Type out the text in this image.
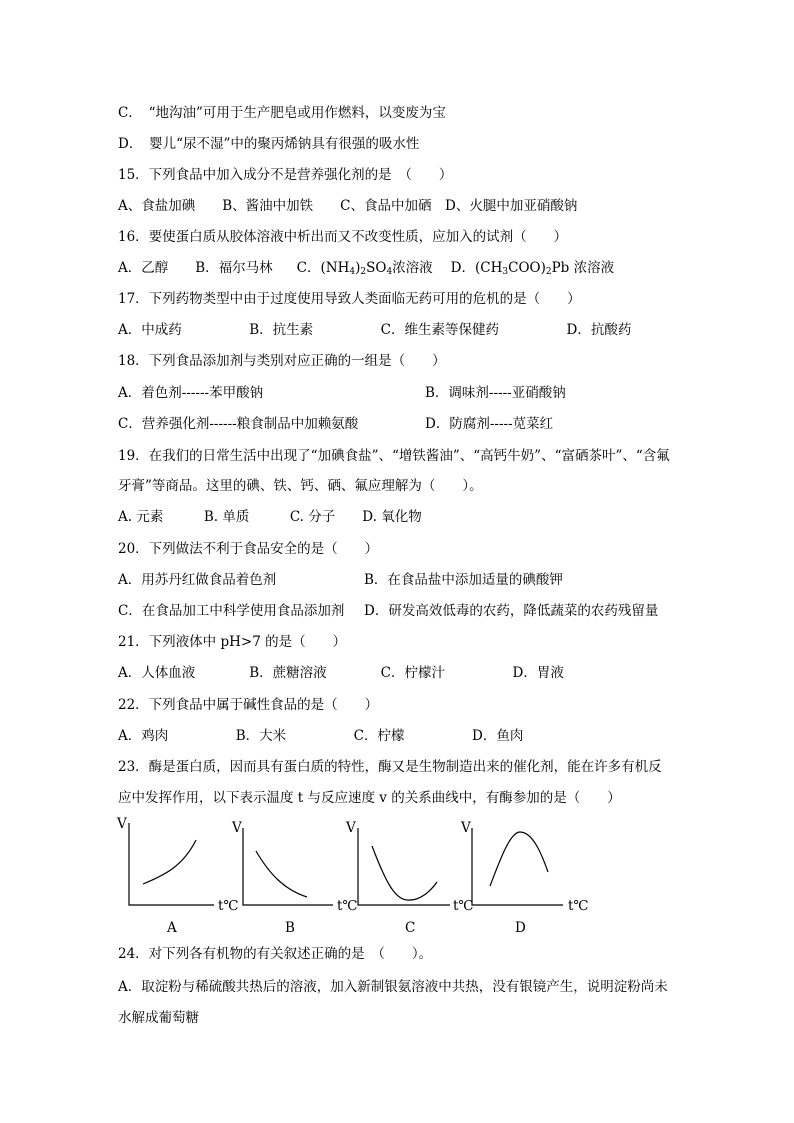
C．　“地沟油”可用于生产肥皂或用作燃料，以变废为宝
D．　婴儿“尿不湿”中的聚丙烯钠具有很强的吸水性
15．下列食品中加入成分不是营养强化剂的是　（　　）
A、食盐加碘　　B、酱油中加铁　　C、食品中加硒　D、火腿中加亚硝酸钠
16．要使蛋白质从胶体溶液中析出而又不改变性质，应加入的试剂（　　）
A．乙醇 B．福尔马林 C．$(NH_4)_2SO_4$浓溶液 D．$(CH_3COO)_2Pb$ 浓溶液
17．下列药物类型中由于过度使用导致人类面临无药可用的危机的是（　　）
A．中成药　　　　　B．抗生素　　　　　C．维生素等保健药　　　　　D．抗酸药
18．下列食品添加剂与类别对应正确的一组是（　　）
A．着色剂------苯甲酸钠	B．调味剂-----亚硝酸钠
C．营养强化剂------粮食制品中加赖氨酸	D．防腐剂-----苋菜红
19．在我们的日常生活中出现了“加碘食盐”、“增铁酱油”、“高钙牛奶”、“富硒茶叶”、“含氟
牙膏”等商品。这里的碘、铁、钙、硒、氟应理解为（　　）。
A. 元素　　　B. 单质　　　C. 分子　　D. 氧化物
20．下列做法不利于食品安全的是（　　）
A．用苏丹红做食品着色剂	B．在食品盐中添加适量的碘酸钾
C．在食品加工中科学使用食品添加剂 D．研发高效低毒的农药，降低蔬菜的农药残留量
21．下列液体中 pH>7 的是（　　）
A．人体血液　　　　B．蔗糖溶液　　　　C．柠檬汁　　　　　D．胃液
22．下列食品中属于碱性食品的是（　　）
A．鸡肉　　　　　B．大米　　　　　C．柠檬　　　　　D．鱼肉
23．酶是蛋白质，因而具有蛋白质的特性，酶又是生物制造出来的催化剂，能在许多有机反
应中发挥作用，以下表示温度 t 与反应速度 v 的关系曲线中，有酶参加的是（　　）
V
t℃
A
V
t℃
B
V
t℃
C
V
t℃
D
24．对下列各有机物的有关叙述正确的是　（　　）。
A．取淀粉与稀硫酸共热后的溶液，加入新制银氨溶液中共热，没有银镜产生，说明淀粉尚未
水解成葡萄糖
